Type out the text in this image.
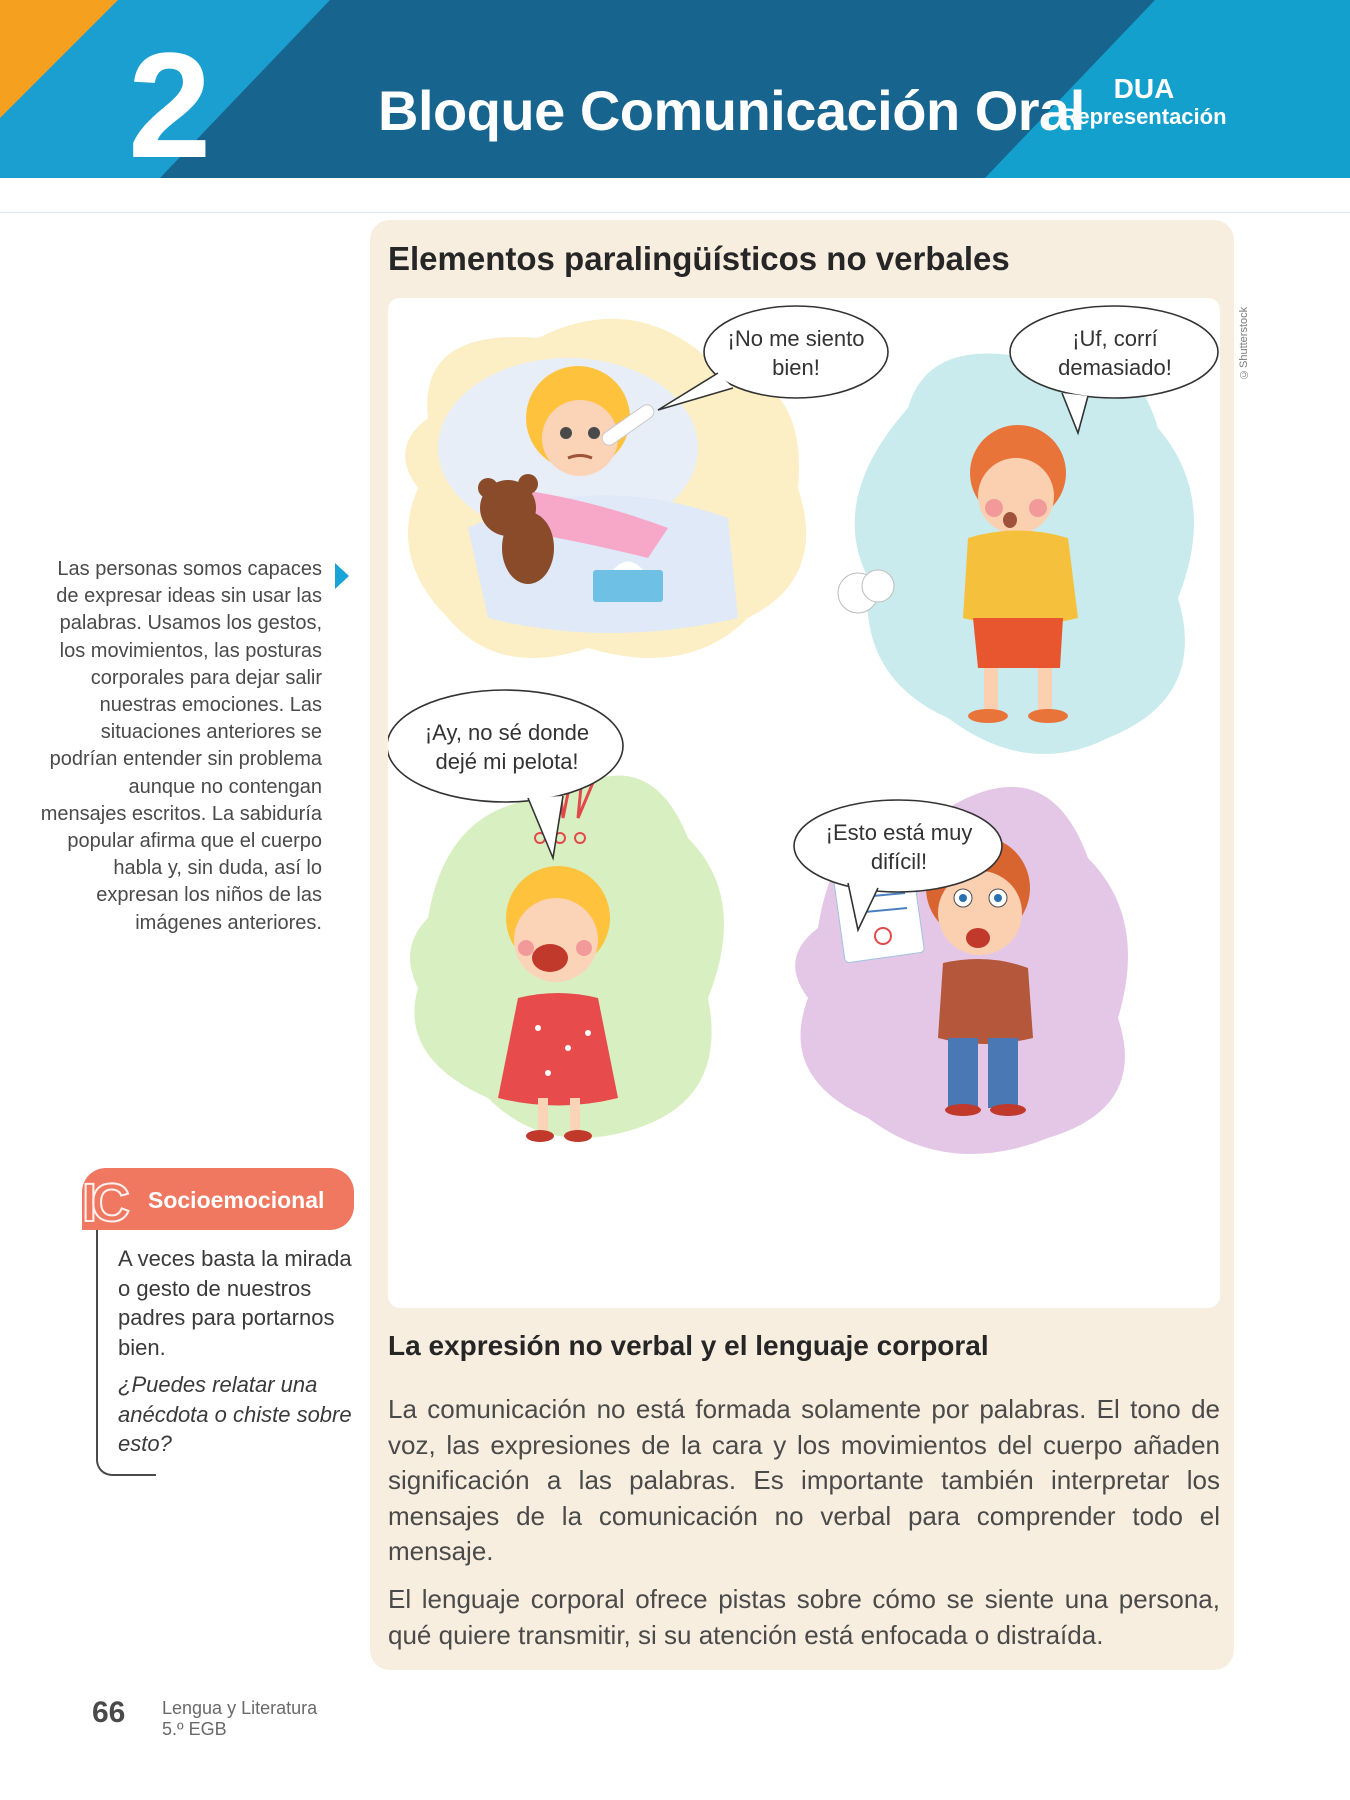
2	Bloque Comunicación Oral	DUA
Representación
Las personas somos capaces de expresar ideas sin usar las palabras. Usamos los gestos, los movimientos, las posturas corporales para dejar salir nuestras emociones. Las situaciones anteriores se podrían entender sin problema aunque no contengan mensajes escritos. La sabiduría popular afirma que el cuerpo habla y, sin duda, así lo expresan los niños de las imágenes anteriores.
IC Socioemocional
A veces basta la mirada o gesto de nuestros padres para portarnos bien.
¿Puedes relatar una anécdota o chiste sobre esto?
Elementos paralingüísticos no verbales
©Shutterstock
¡No me siento bien!
¡Uf, corrí demasiado!
¡Ay, no sé donde dejé mi pelota!
¡Esto está muy difícil!
La expresión no verbal y el lenguaje corporal
La comunicación no está formada solamente por palabras. El tono de voz, las expresiones de la cara y los movimientos del cuerpo añaden significación a las palabras. Es importante también interpretar los mensajes de la comunicación no verbal para comprender todo el mensaje.
El lenguaje corporal ofrece pistas sobre cómo se siente una persona, qué quiere transmitir, si su atención está enfocada o distraída.
66 Lengua y Literatura
5.º EGB
